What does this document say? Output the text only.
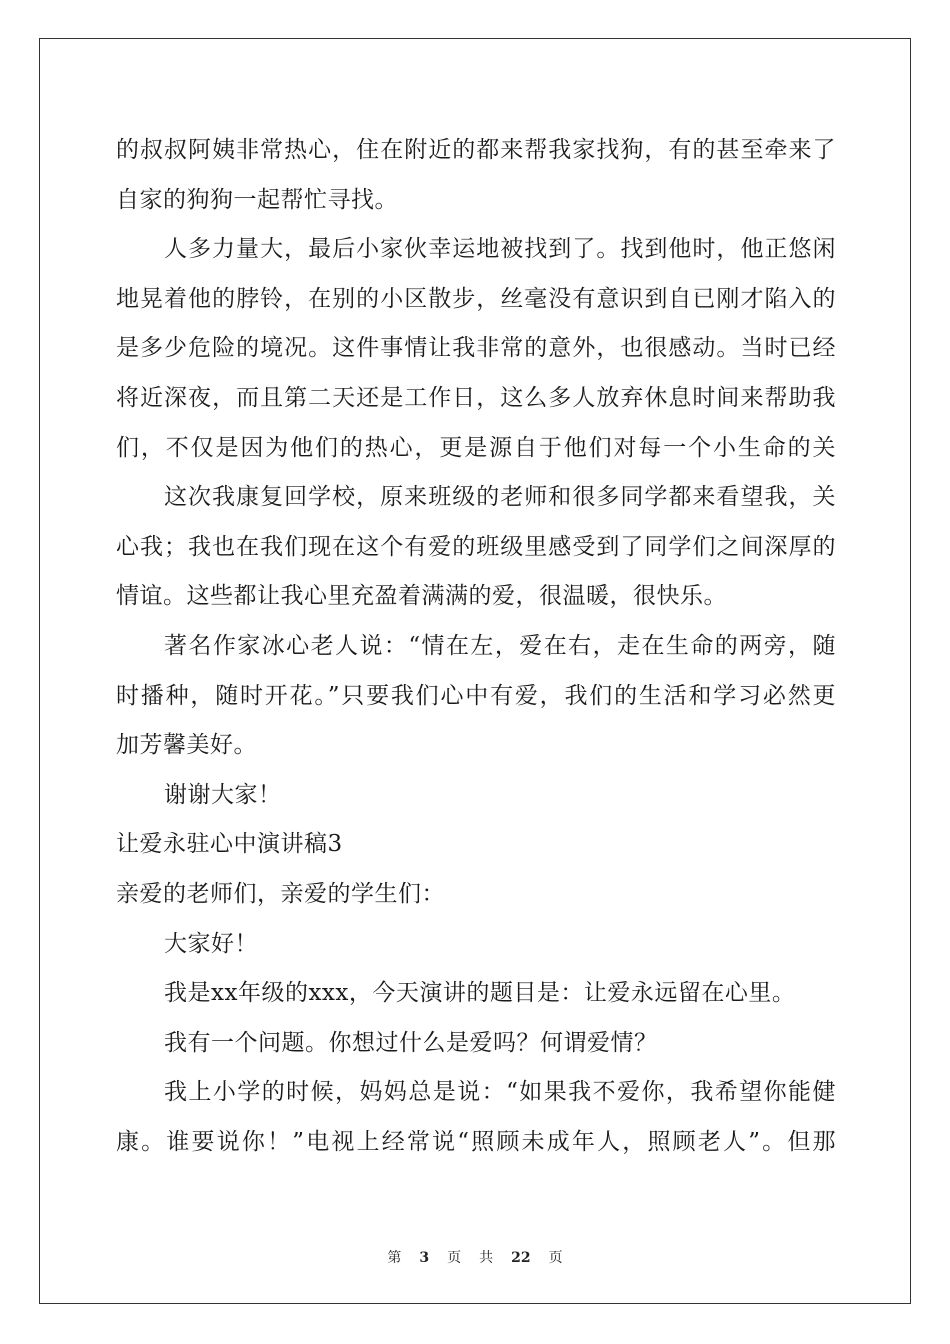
的叔叔阿姨非常热心，住在附近的都来帮我家找狗，有的甚至牵来了
自家的狗狗一起帮忙寻找。
人多力量大，最后小家伙幸运地被找到了。找到他时，他正悠闲
地晃着他的脖铃，在别的小区散步，丝毫没有意识到自已刚才陷入的
是多少危险的境况。这件事情让我非常的意外，也很感动。当时已经
将近深夜，而且第二天还是工作日，这么多人放弃休息时间来帮助我
们，不仅是因为他们的热心，更是源自于他们对每一个小生命的关
这次我康复回学校，原来班级的老师和很多同学都来看望我，关
心我；我也在我们现在这个有爱的班级里感受到了同学们之间深厚的
情谊。这些都让我心里充盈着满满的爱，很温暖，很快乐。
著名作家冰心老人说：“情在左，爱在右，走在生命的两旁，随
时播种，随时开花。”只要我们心中有爱，我们的生活和学习必然更
加芳馨美好。
谢谢大家！
让爱永驻心中演讲稿3
亲爱的老师们，亲爱的学生们：
大家好！
我是xx年级的xxx，今天演讲的题目是：让爱永远留在心里。
我有一个问题。你想过什么是爱吗？何谓爱情？
我上小学的时候，妈妈总是说：“如果我不爱你，我希望你能健
康。谁要说你！”电视上经常说“照顾未成年人，照顾老人”。但那
第 3 页 共 22 页
